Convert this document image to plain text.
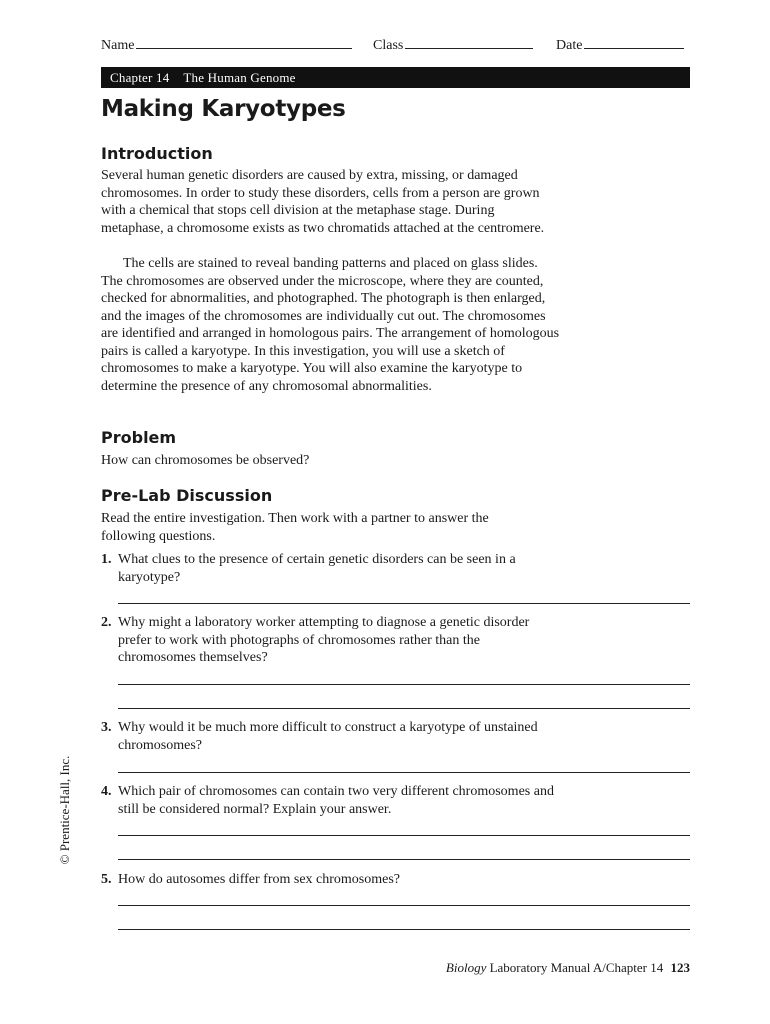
Name	Class	Date
Chapter 14 The Human Genome
Making Karyotypes
Introduction

Several human genetic disorders are caused by extra, missing, or damaged chromosomes. In order to study these disorders, cells from a person are grown with a chemical that stops cell division at the metaphase stage. During metaphase, a chromosome exists as two chromatids attached at the centromere.

The cells are stained to reveal banding patterns and placed on glass slides. The chromosomes are observed under the microscope, where they are counted, checked for abnormalities, and photographed. The photograph is then enlarged, and the images of the chromosomes are individually cut out. The chromosomes are identified and arranged in homologous pairs. The arrangement of homologous pairs is called a karyotype. In this investigation, you will use a sketch of chromosomes to make a karyotype. You will also examine the karyotype to determine the presence of any chromosomal abnormalities.

Problem

How can chromosomes be observed?

Pre-Lab Discussion

Read the entire investigation. Then work with a partner to answer the following questions.

1. What clues to the presence of certain genetic disorders can be seen in a karyotype?
2. Why might a laboratory worker attempting to diagnose a genetic disorder prefer to work with photographs of chromosomes rather than the chromosomes themselves?
3. Why would it be much more difficult to construct a karyotype of unstained chromosomes?
4. Which pair of chromosomes can contain two very different chromosomes and still be considered normal? Explain your answer.
5. How do autosomes differ from sex chromosomes?
© Prentice-Hall, Inc.
Biology Laboratory Manual A/Chapter 14 123
